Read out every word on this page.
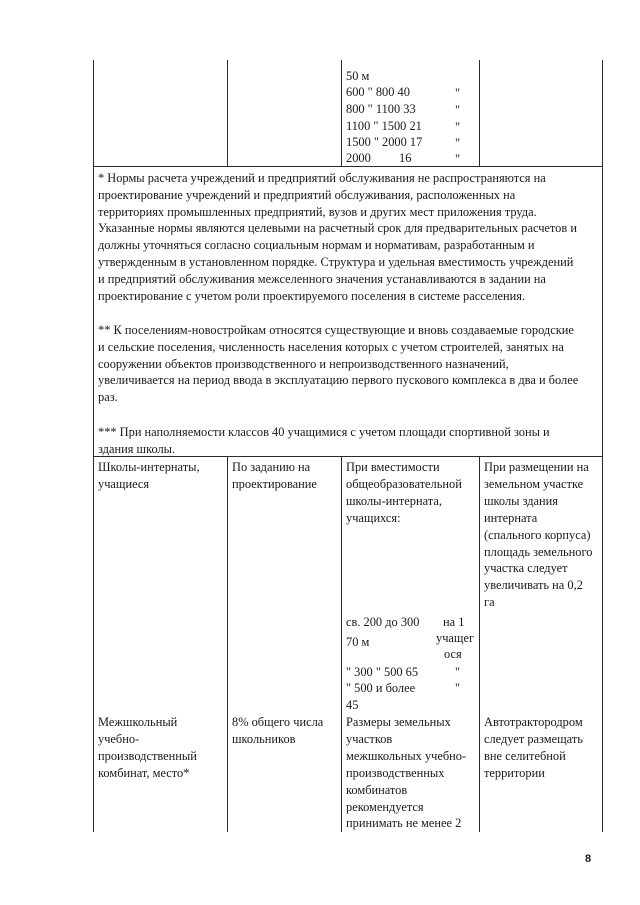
50 м
600 " 800 40
800 " 1100 33
1100 " 1500 21
1500 " 2000 17
2000 16
"
"
"
"
"
* Нормы расчета учреждений и предприятий обслуживания не распространяются на
проектирование учреждений и предприятий обслуживания, расположенных на
территориях промышленных предприятий, вузов и других мест приложения труда.
Указанные нормы являются целевыми на расчетный срок для предварительных расчетов и
должны уточняться согласно социальным нормам и нормативам, разработанным и
утвержденным в установленном порядке. Структура и удельная вместимость учреждений
и предприятий обслуживания межселенного значения устанавливаются в задании на
проектирование с учетом роли проектируемого поселения в системе расселения.
** К поселениям-новостройкам относятся существующие и вновь создаваемые городские
и сельские поселения, численность населения которых с учетом строителей, занятых на
сооружении объектов производственного и непроизводственного назначений,
увеличивается на период ввода в эксплуатацию первого пускового комплекса в два и более
раз.
*** При наполняемости классов 40 учащимися с учетом площади спортивной зоны и
здания школы.
Школы-интернаты,
учащиеся
По заданию на
проектирование
При вместимости
общеобразовательной
школы-интерната,
учащихся:
При размещении на
земельном участке
школы здания
интерната
(спального корпуса)
площадь земельного
участка следует
увеличивать на 0,2
га
св. 200 до 300 на 1
учащег
ося
70 м
" 300 " 500 65	"
" 500 и более	"
45
Межшкольный
учебно-
производственный
комбинат, место*
8% общего числа
школьников
Размеры земельных
участков
межшкольных учебно-
производственных
комбинатов
рекомендуется
принимать не менее 2
Автотрактородром
следует размещать
вне селитебной
территории
8
